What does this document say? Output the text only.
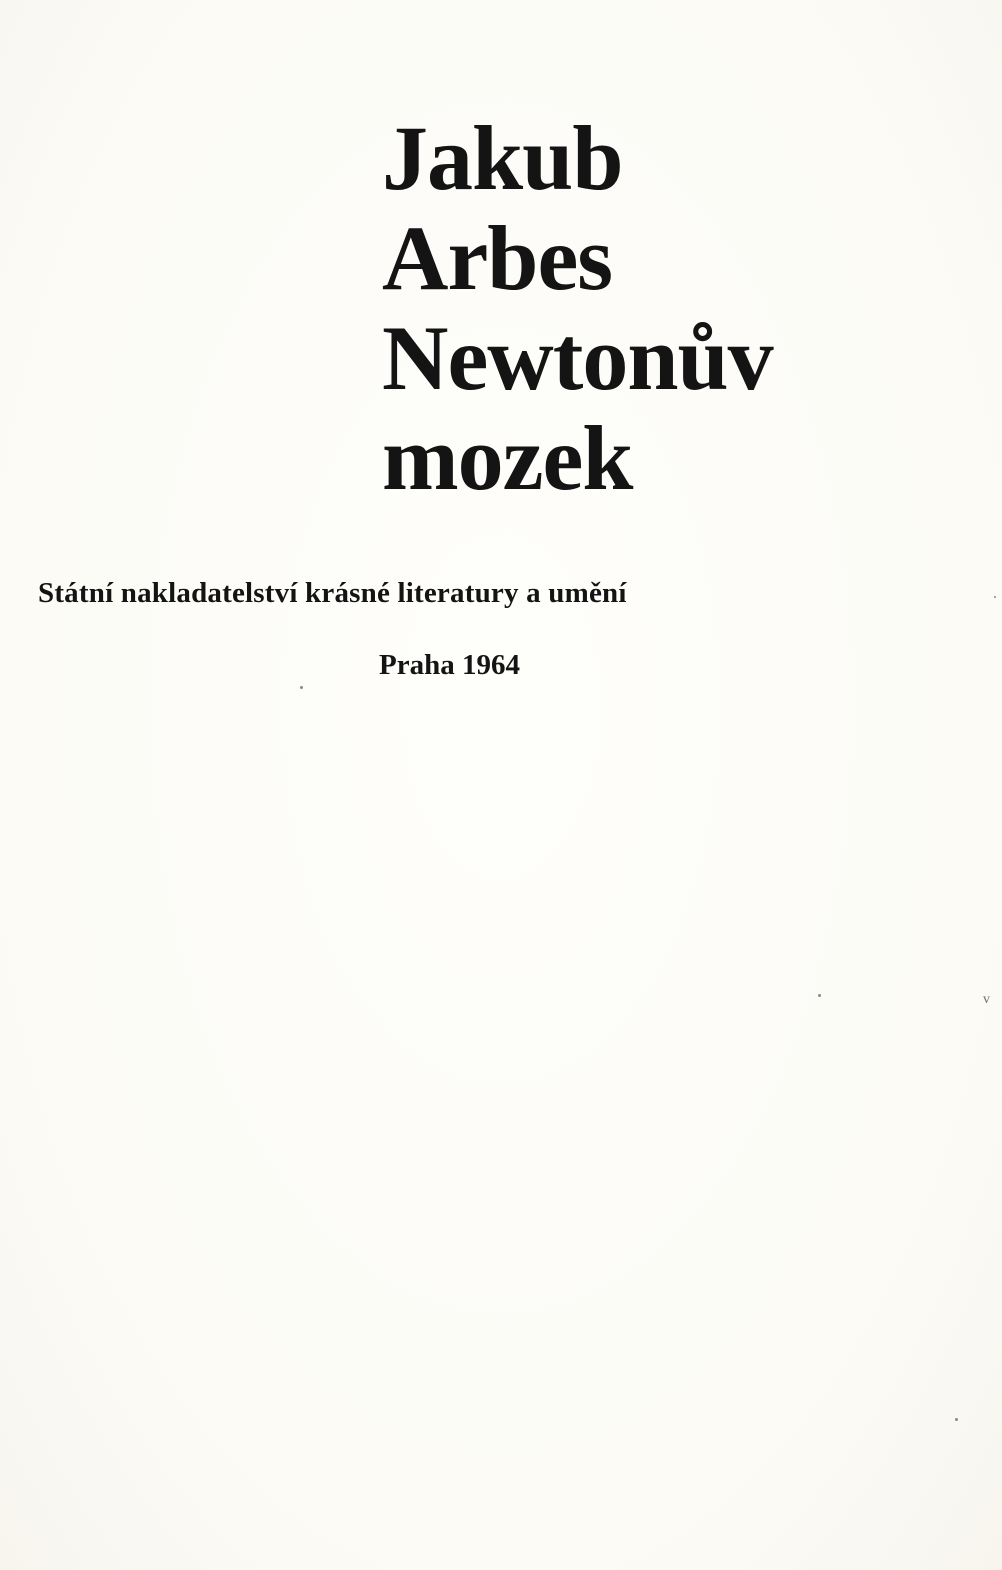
Jakub
Arbes
Newtonův
mozek
Státní nakladatelství krásné literatury a umění
Praha 1964
v
